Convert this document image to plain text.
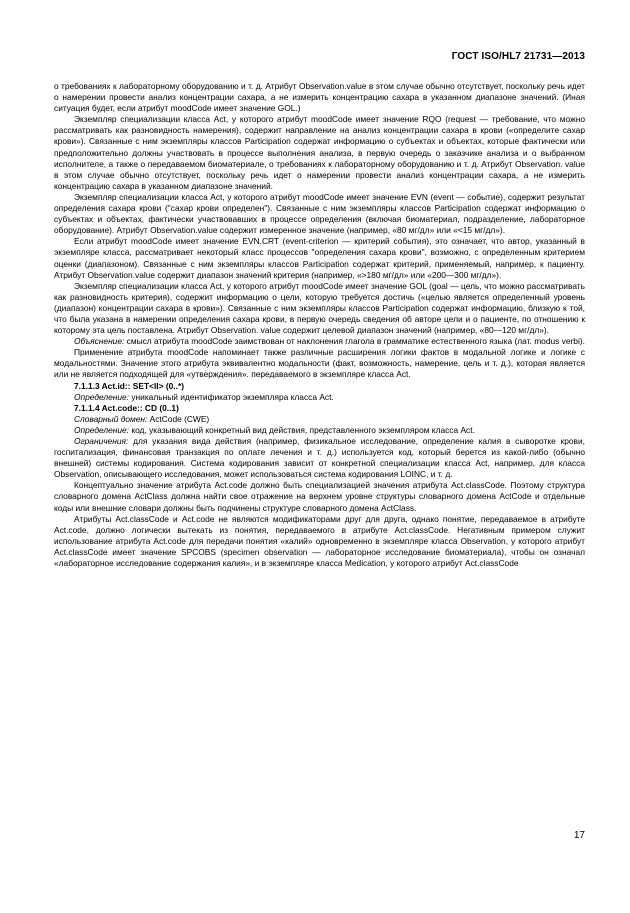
ГОСТ ISO/HL7 21731—2013

о требованиях к лабораторному оборудованию и т. д. Атрибут Observation.value в этом случае обычно отсутствует, поскольку речь идет о намерении провести анализ концентрации сахара, а не измерить концентрацию сахара в указанном диапазоне значений. (Иная ситуация будет, если атрибут moodCode имеет значение GOL.)

Экземпляр специализации класса Act, у которого атрибут moodCode имеет значение RQO (request — требование, что можно рассматривать как разновидность намерения), содержит направление на анализ концентрации сахара в крови («определите сахар крови»). Связанные с ним экземпляры классов Participation содержат информацию о субъектах и объектах, которые фактически или предположительно должны участвовать в процессе выполнения анализа, в первую очередь о заказчике анализа и о выбранном исполнителе, а также о передаваемом биоматериале, о требованиях к лабораторному оборудованию и т. д. Атрибут Observation. value в этом случае обычно отсутствует, поскольку речь идет о намерении провести анализ концентрации сахара, а не измерить концентрацию сахара в указанном диапазоне значений.

Экземпляр специализации класса Act, у которого атрибут moodCode имеет значение EVN (event — событие), содержит результат определения сахара крови ("сахар крови определен"). Связанные с ним экземпляры классов Participation содержат информацию о субъектах и объектах, фактически участвовавших в процессе определения (включая биоматериал, подразделение, лабораторное оборудование). Атрибут Observation.value содержит измеренное значение (например, «80 мг/дл» или «<15 мг/дл»).

Если атрибут moodCode имеет значение EVN.CRT (event-criterion — критерий события), это означает, что автор, указанный в экземпляре класса, рассматривает некоторый класс процессов "определения сахара крови", возможно, с определенным критерием оценки (диапазоном). Связанные с ним экземпляры классов Participation содержат критерий, применяемый, например, к пациенту. Атрибут Observation.value содержит диапазон значений критерия (например, «>180 мг/дл» или «200—300 мг/дл»).

Экземпляр специализации класса Act, у которого атрибут moodCode имеет значение GOL (goal — цель, что можно рассматривать как разновидность критерия), содержит информацию о цели, которую требуется достичь («целью является определенный уровень (диапазон) концентрации сахара в крови»). Связанные с ним экземпляры классов Participation содержат информацию, близкую к той, что была указана в намерении определения сахара крови, в первую очередь сведения об авторе цели и о пациенте, по отношению к которому эта цель поставлена. Атрибут Observation. value содержит целевой диапазон значений (например, «80—120 мг/дл»).

Объяснение: смысл атрибута moodCode заимствован от наклонения глагола в грамматике естественного языка (лат. modus verbi).

Применение атрибута moodCode напоминает также различные расширения логики фактов в модальной логике и логике с модальностями. Значение этого атрибута эквивалентно модальности (факт, возможность, намерение, цель и т. д.), которая является или не является подходящей для «утверждения». передаваемого в экземпляре класса Act.

7.1.1.3 Act.id:: SET<II> (0..*)

Определение: уникальный идентификатор экземпляра класса Act.

7.1.1.4 Act.code:: CD (0..1)

Словарный домен: ActCode (CWE)

Определение: код, указывающий конкретный вид действия, представленного экземпляром класса Act.

Ограничения: для указания вида действия (например, физикальное исследование, определение калия в сыворотке крови, госпитализация, финансовая транзакция по оплате лечения и т. д.) используется код, который берется из какой-либо (обычно внешней) системы кодирования. Система кодирования зависит от конкретной специализации класса Act, например, для класса Observation, описывающего исследования, может использоваться система кодирования LOINC, и т. д.

Концептуально значение атрибута Act.code должно быть специализацией значения атрибута Act.classCode. Поэтому структура словарного домена ActClass должна найти свое отражение на верхнем уровне структуры словарного домена ActCode и отдельные коды или внешние словари должны быть подчинены структуре словарного домена ActClass.

Атрибуты Act.classCode и Act.code не являются модификаторами друг для друга, однако понятие, передаваемое в атрибуте Act.code, должно логически вытекать из понятия, передаваемого в атрибуте Act.classCode. Негативным примером служит использование атрибута Act.code для передачи понятия «калий» одновременно в экземпляре класса Observation, у которого атрибут Act.classCode имеет значение SPCOBS (specimen observation — лабораторное исследование биоматериала), чтобы он означал «лабораторное исследование содержания калия», и в экземпляре класса Medication, у которого атрибут Act.classCode

17
